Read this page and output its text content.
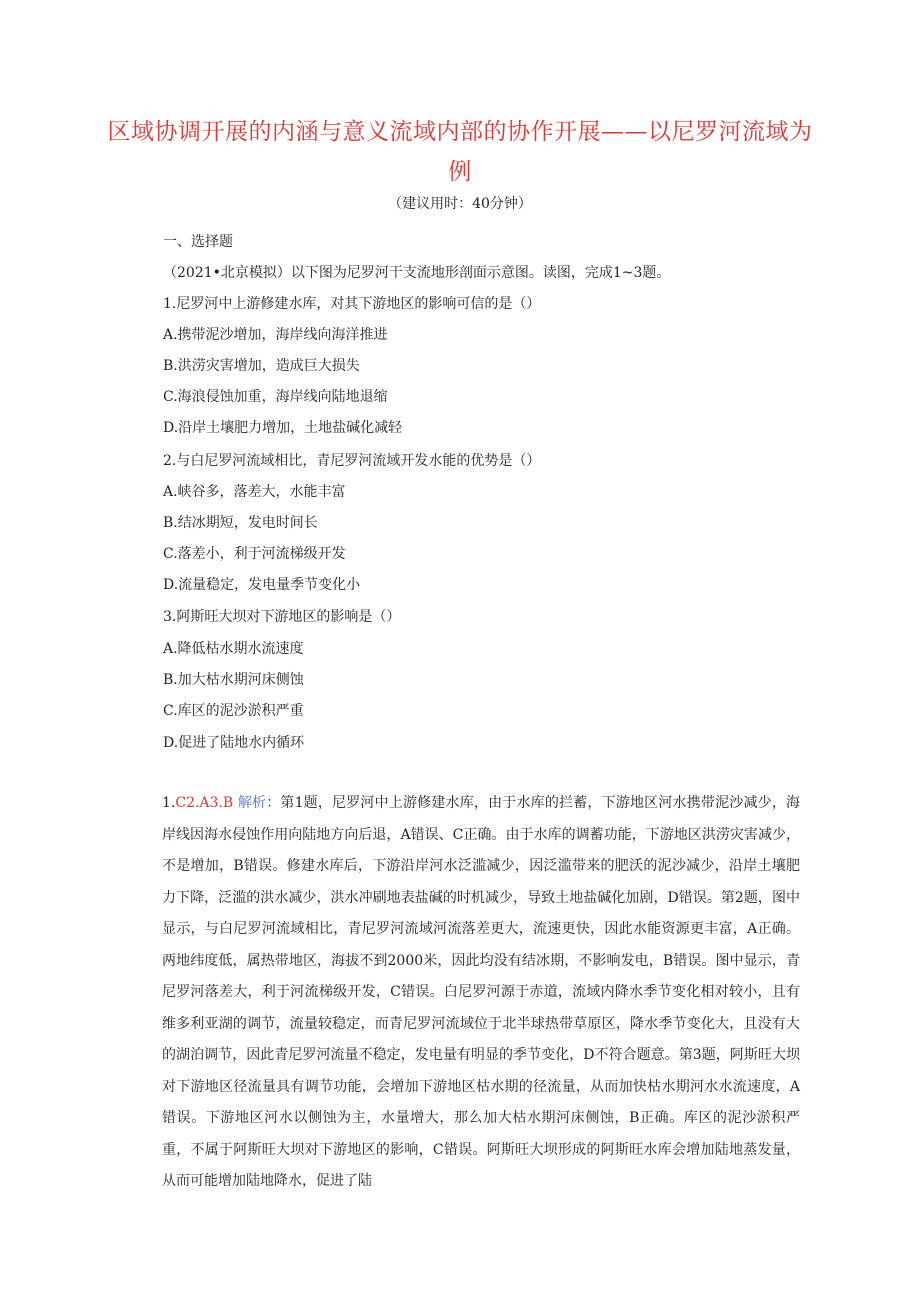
区域协调开展的内涵与意义流域内部的协作开展——以尼罗河流域为例
（建议用时：40分钟）
一、选择题
（2021•北京模拟）以下图为尼罗河干支流地形剖面示意图。读图，完成1~3题。
1.尼罗河中上游修建水库，对其下游地区的影响可信的是（）
A.携带泥沙增加，海岸线向海洋推进
B.洪涝灾害增加，造成巨大损失
C.海浪侵蚀加重，海岸线向陆地退缩
D.沿岸土壤肥力增加，土地盐碱化减轻
2.与白尼罗河流域相比，青尼罗河流域开发水能的优势是（）
A.峡谷多，落差大，水能丰富
B.结冰期短，发电时间长
C.落差小，利于河流梯级开发
D.流量稳定，发电量季节变化小
3.阿斯旺大坝对下游地区的影响是（）
A.降低枯水期水流速度
B.加大枯水期河床侧蚀
C.库区的泥沙淤积严重
D.促进了陆地水内循环
1.C2.A3.B 解析：第1题，尼罗河中上游修建水库，由于水库的拦蓄，下游地区河水携带泥沙减少，海岸线因海水侵蚀作用向陆地方向后退，A错误、C正确。由于水库的调蓄功能，下游地区洪涝灾害减少，不是增加，B错误。修建水库后，下游沿岸河水泛滥减少，因泛滥带来的肥沃的泥沙减少，沿岸土壤肥力下降，泛滥的洪水减少，洪水冲刷地表盐碱的时机减少，导致土地盐碱化加剧，D错误。第2题，图中显示，与白尼罗河流域相比，青尼罗河流域河流落差更大，流速更快，因此水能资源更丰富，A正确。两地纬度低，属热带地区，海拔不到2000米，因此均没有结冰期，不影响发电，B错误。图中显示，青尼罗河落差大，利于河流梯级开发，C错误。白尼罗河源于赤道，流域内降水季节变化相对较小，且有维多利亚湖的调节，流量较稳定，而青尼罗河流域位于北半球热带草原区，降水季节变化大，且没有大的湖泊调节，因此青尼罗河流量不稳定，发电量有明显的季节变化，D不符合题意。第3题，阿斯旺大坝对下游地区径流量具有调节功能，会增加下游地区枯水期的径流量，从而加快枯水期河水水流速度，A错误。下游地区河水以侧蚀为主，水量增大，那么加大枯水期河床侧蚀，B正确。库区的泥沙淤积严重，不属于阿斯旺大坝对下游地区的影响，C错误。阿斯旺大坝形成的阿斯旺水库会增加陆地蒸发量，从而可能增加陆地降水，促进了陆
